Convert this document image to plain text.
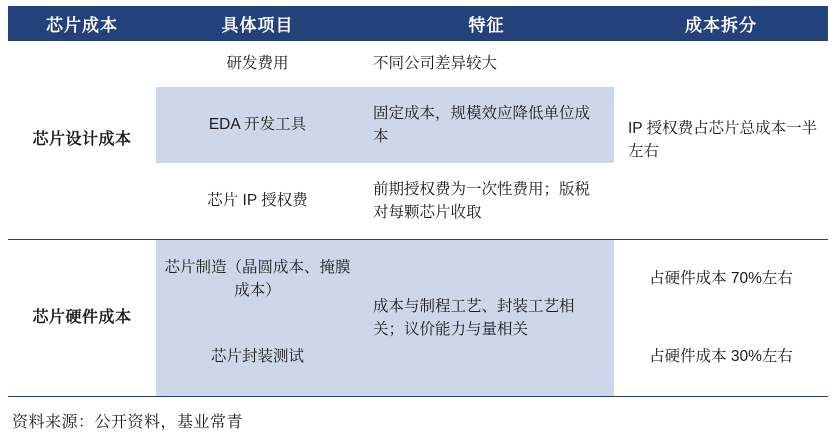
芯片成本	具体项目	特征	成本拆分
芯片设计成本	研发费用	不同公司差异较大	IP 授权费占芯片总成本一半左右
	EDA 开发工具	固定成本，规模效应降低单位成本	
	芯片 IP 授权费	前期授权费为一次性费用；版税对每颗芯片收取	
芯片硬件成本	芯片制造（晶圆成本、掩膜成本）	成本与制程工艺、封装工艺相关；议价能力与量相关	占硬件成本 70%左右
	芯片封装测试		占硬件成本 30%左右
资料来源：公开资料，基业常青
